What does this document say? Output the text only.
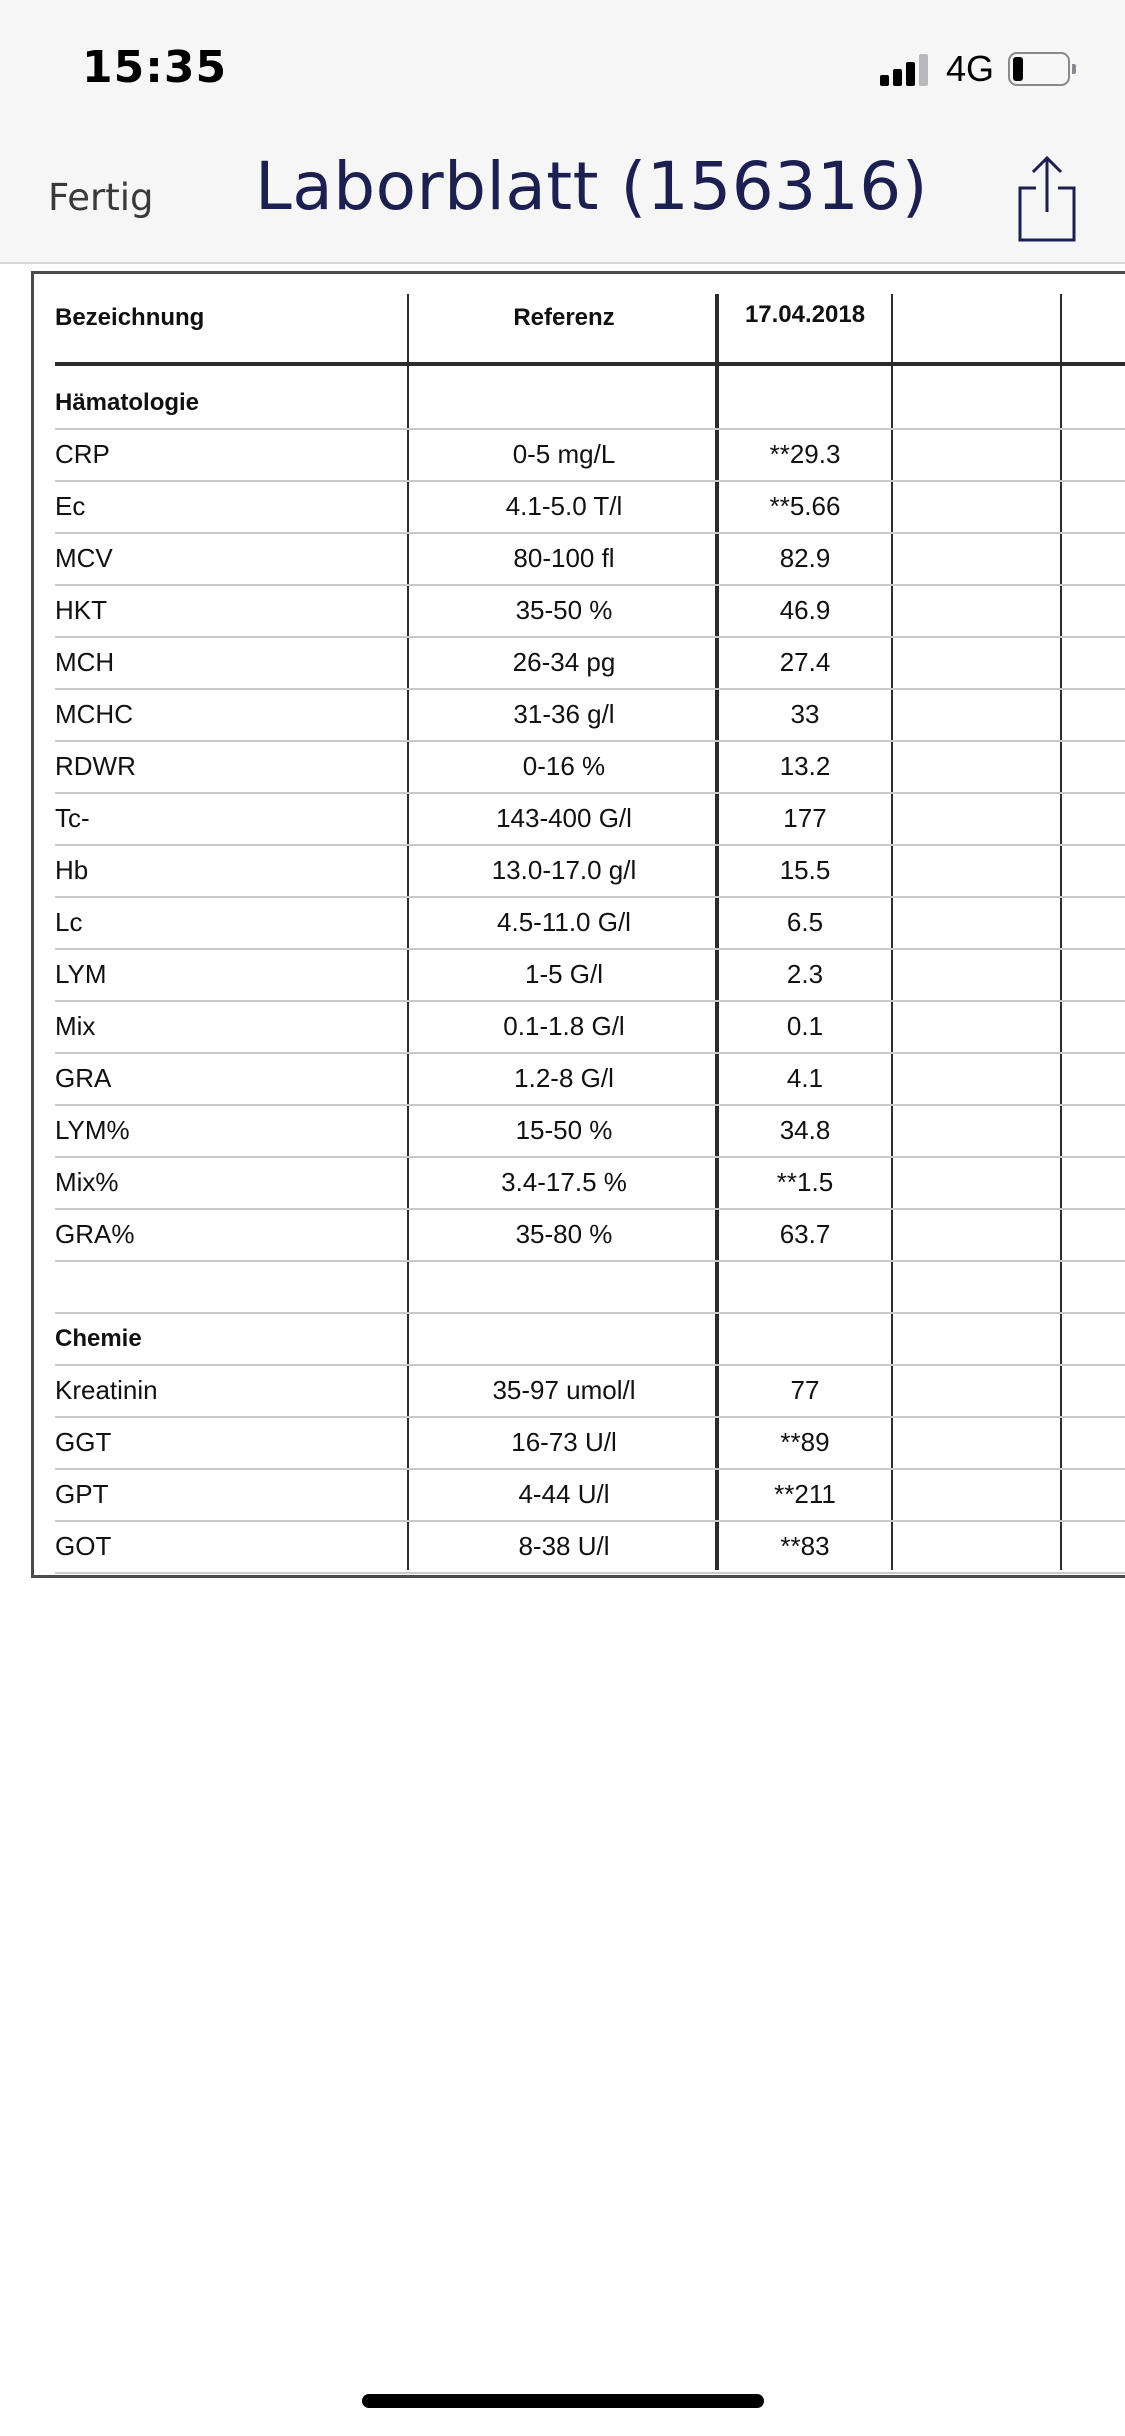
15:35	4G
Fertig Laborblatt (156316)
Bezeichnung	Referenz	17.04.2018
Hämatologie
CRP	0-5 mg/L	**29.3
Ec	4.1-5.0 T/l	**5.66
MCV	80-100 fl	82.9
HKT	35-50 %	46.9
MCH	26-34 pg	27.4
MCHC	31-36 g/l	33
RDWR	0-16 %	13.2
Tc-	143-400 G/l	177
Hb	13.0-17.0 g/l	15.5
Lc	4.5-11.0 G/l	6.5
LYM	1-5 G/l	2.3
Mix	0.1-1.8 G/l	0.1
GRA	1.2-8 G/l	4.1
LYM%	15-50 %	34.8
Mix%	3.4-17.5 %	**1.5
GRA%	35-80 %	63.7
Chemie
Kreatinin	35-97 umol/l	77
GGT	16-73 U/l	**89
GPT	4-44 U/l	**211
GOT	8-38 U/l	**83
